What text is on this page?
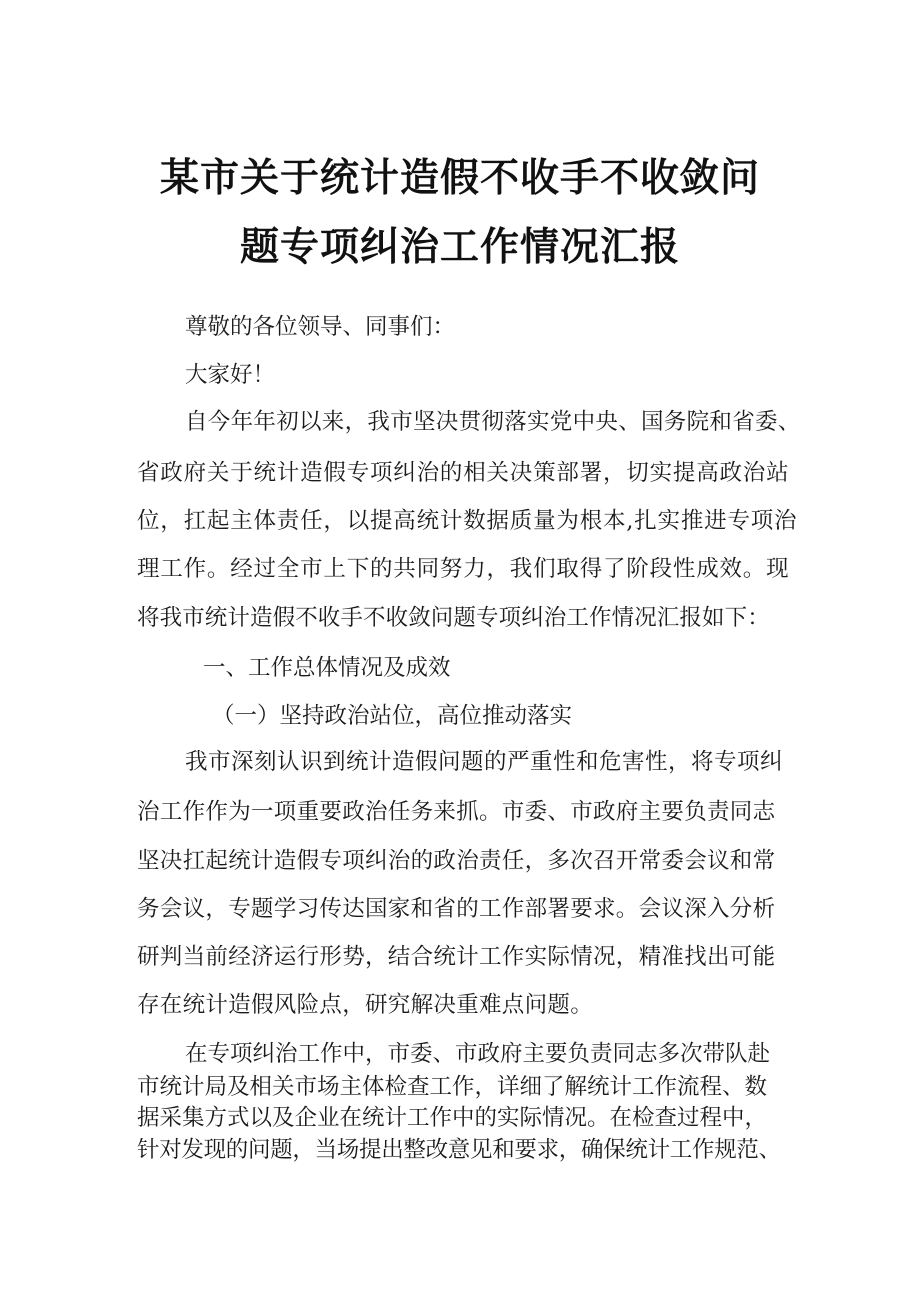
某市关于统计造假不收手不收敛问
题专项纠治工作情况汇报

尊敬的各位领导、同事们：

大家好！

自今年年初以来，我市坚决贯彻落实党中央、国务院和省委、

省政府关于统计造假专项纠治的相关决策部署，切实提高政治站

位，扛起主体责任，以提高统计数据质量为根本,扎实推进专项治

理工作。经过全市上下的共同努力，我们取得了阶段性成效。现

将我市统计造假不收手不收敛问题专项纠治工作情况汇报如下：

一、工作总体情况及成效

（一）坚持政治站位，高位推动落实

我市深刻认识到统计造假问题的严重性和危害性，将专项纠

治工作作为一项重要政治任务来抓。市委、市政府主要负责同志

坚决扛起统计造假专项纠治的政治责任，多次召开常委会议和常

务会议，专题学习传达国家和省的工作部署要求。会议深入分析

研判当前经济运行形势，结合统计工作实际情况，精准找出可能

存在统计造假风险点，研究解决重难点问题。

在专项纠治工作中，市委、市政府主要负责同志多次带队赴

市统计局及相关市场主体检查工作，详细了解统计工作流程、数

据采集方式以及企业在统计工作中的实际情况。在检查过程中，

针对发现的问题，当场提出整改意见和要求，确保统计工作规范、
